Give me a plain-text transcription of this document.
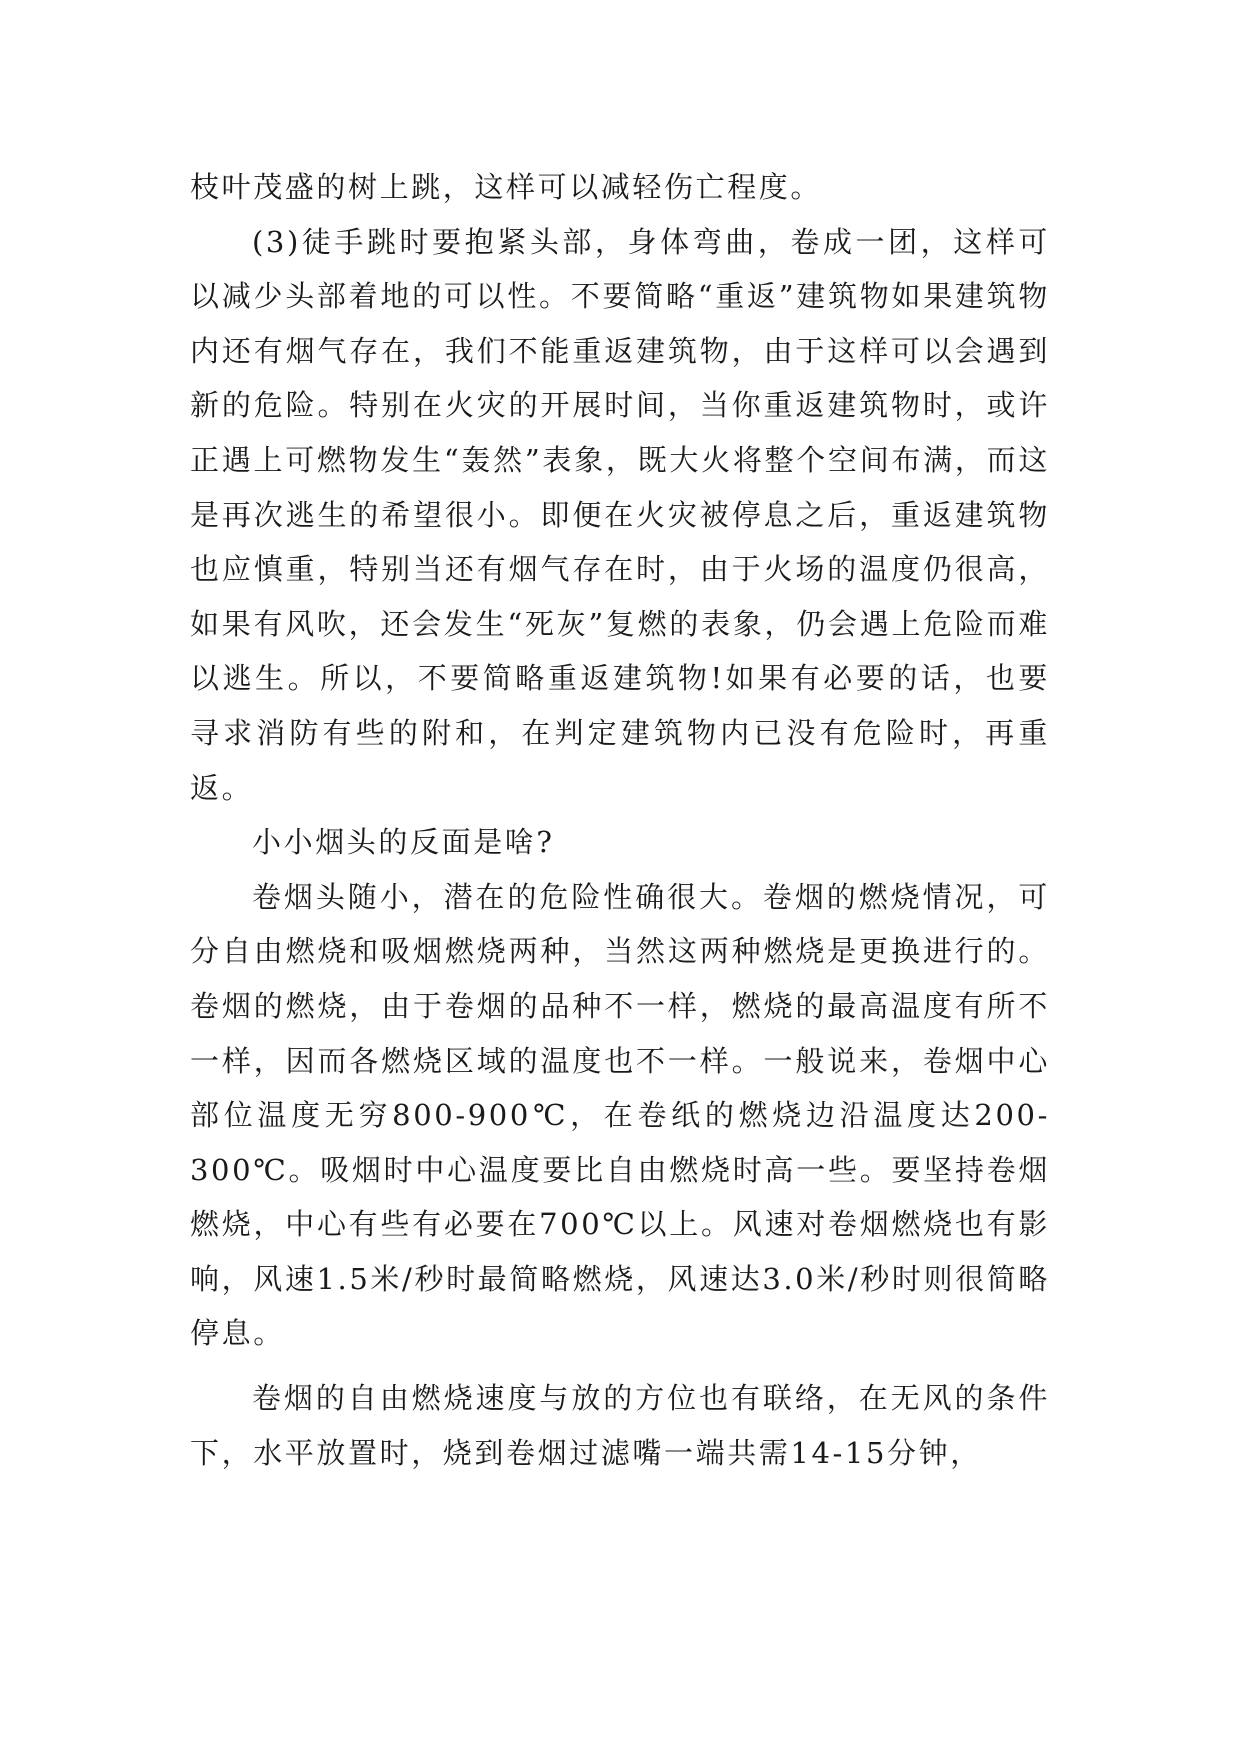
枝叶茂盛的树上跳，这样可以减轻伤亡程度。

(3)徒手跳时要抱紧头部，身体弯曲，卷成一团，这样可以减少头部着地的可以性。不要简略“重返”建筑物如果建筑物内还有烟气存在，我们不能重返建筑物，由于这样可以会遇到新的危险。特别在火灾的开展时间，当你重返建筑物时，或许正遇上可燃物发生“轰然”表象，既大火将整个空间布满，而这是再次逃生的希望很小。即便在火灾被停息之后，重返建筑物也应慎重，特别当还有烟气存在时，由于火场的温度仍很高，如果有风吹，还会发生“死灰”复燃的表象，仍会遇上危险而难以逃生。所以，不要简略重返建筑物!如果有必要的话，也要寻求消防有些的附和，在判定建筑物内已没有危险时，再重返。

小小烟头的反面是啥?

卷烟头随小，潜在的危险性确很大。卷烟的燃烧情况，可分自由燃烧和吸烟燃烧两种，当然这两种燃烧是更换进行的。卷烟的燃烧，由于卷烟的品种不一样，燃烧的最高温度有所不一样，因而各燃烧区域的温度也不一样。一般说来，卷烟中心部位温度无穷800-900℃，在卷纸的燃烧边沿温度达200-300℃。吸烟时中心温度要比自由燃烧时高一些。要坚持卷烟燃烧，中心有些有必要在700℃以上。风速对卷烟燃烧也有影响，风速1.5米/秒时最简略燃烧，风速达3.0米/秒时则很简略停息。

卷烟的自由燃烧速度与放的方位也有联络，在无风的条件下，水平放置时，烧到卷烟过滤嘴一端共需14-15分钟，
